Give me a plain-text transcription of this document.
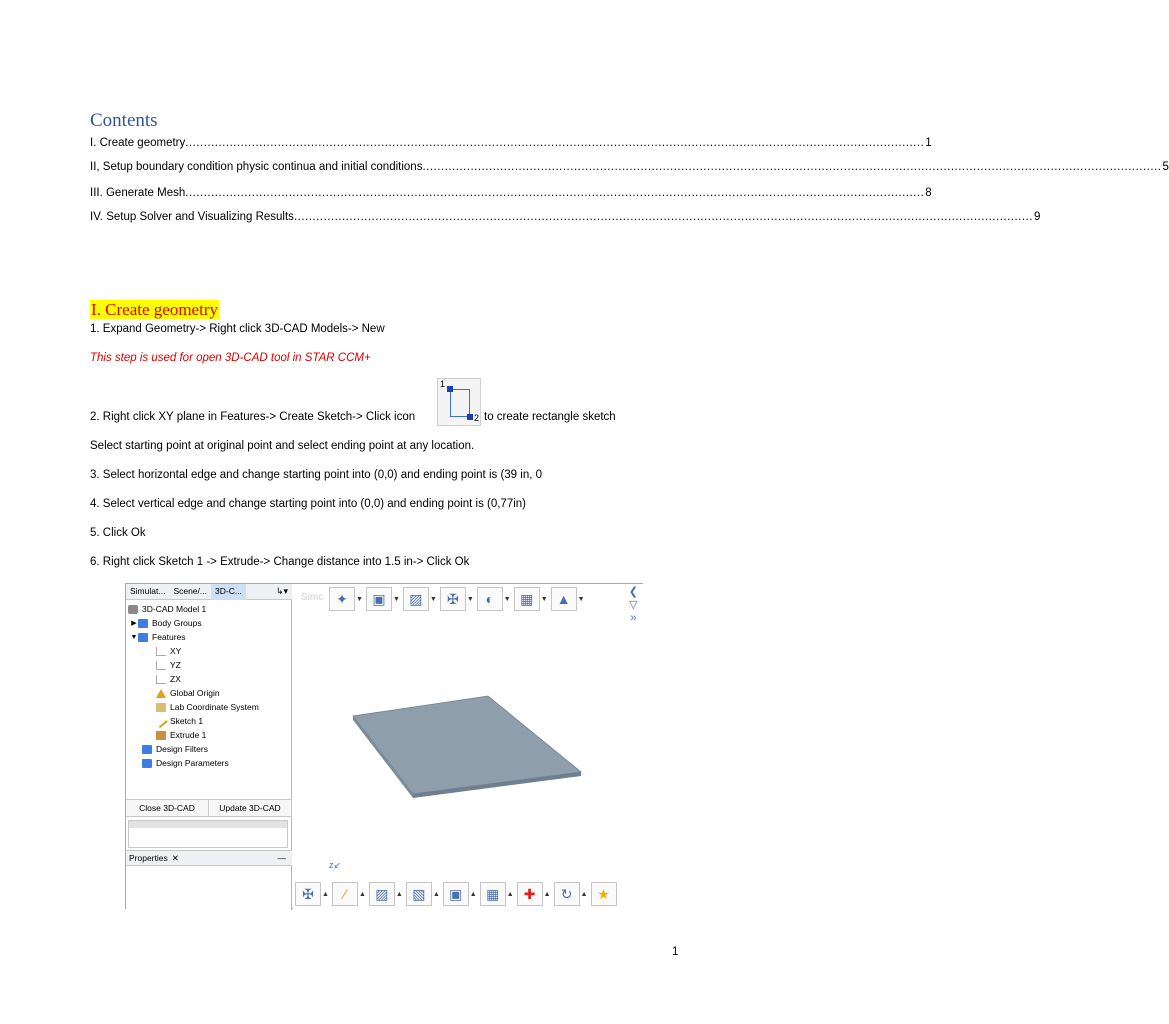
Contents
I. Create geometry ........................................................................................................................................................................................................ 1
II, Setup boundary condition physic continua and initial conditions ........................................................................................................................................................................................................ 5
III. Generate Mesh ........................................................................................................................................................................................................ 8
IV. Setup Solver and Visualizing Results ........................................................................................................................................................................................................ 9
I. Create geometry
1. Expand Geometry-> Right click 3D-CAD Models-> New
This step is used for open 3D-CAD tool in STAR CCM+
2. Right click XY plane in Features-> Create Sketch-> Click icon
1
2 to create rectangle sketch
Select starting point at original point and select ending point at any location.
3. Select horizontal edge and change starting point into (0,0) and ending point is (39 in, 0
4. Select vertical edge and change starting point into (0,0) and ending point is (0,77in)
5. Click Ok
6. Right click Sketch 1 -> Extrude-> Change distance into 1.5 in-> Click Ok
Simulat... Scene/... 3D-C...	↳▾
3D-CAD Model 1
▶ Body Groups
▼ Features
XY
YZ
ZX
Global Origin
Lab Coordinate System
Sketch 1
Extrude 1
Design Filters
Design Parameters
Close 3D-CAD	Update 3D-CAD
Properties ✕	—
Simc ✦	▼ ▣	▼ ▨	▼ ✠	▼ ◐	▼ ▦	▼ ▲	▼
❮
▽
»
z↙
✠	▲	∕	▲ ▨	▲ ▧	▲ ▣	▲ ▦	▲ ✚	▲ ↻	▲ ★
1
